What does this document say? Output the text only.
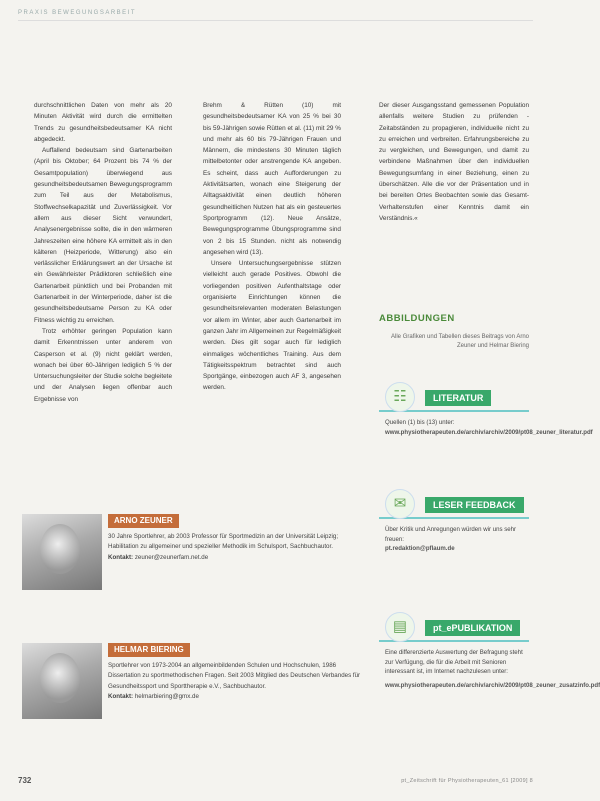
PRAXIS BEWEGUNGSARBEIT

durchschnittlichen Daten von mehr als 20 Minuten Aktivität wird durch die ermittelten Trends zu gesundheitsbedeutsamer KA nicht abgedeckt.

Auffallend bedeutsam sind Gartenarbeiten (April bis Oktober; 64 Prozent bis 74 % der Gesamtpopulation) überwiegend aus gesundheitsbedeutsamen Bewegungsprogramm zum Teil aus der Metabolismus, Stoffwechselkapazität und Zuverlässigkeit. Vor allem aus dieser Sicht verwundert, Analysenergebnisse sollte, die in den wärmeren Jahreszeiten eine höhere KA ermittelt als in den kälteren (Heizperiode, Witterung) also ein verlässlicher Erklärungswert an der Ursache ist ein Gewährleister Prädiktoren schließlich eine Gartenarbeit pünktlich und bei Probanden mit Gartenarbeit in der Winterperiode, daher ist die gesundheitsbedeutsame Person zu KA oder Fitness wichtig zu erreichen.

Trotz erhöhter geringen Population kann damit Erkenntnissen unter anderem von Casperson et al. (9) nicht geklärt werden, wonach bei über 60-Jährigen lediglich 5 % der Untersuchungsleiter der Studie solche begleitete und der Analysen liegen offenbar auch Ergebnisse von

Brehm & Rütten (10) mit gesundheitsbedeutsamer KA von 25 % bei 30 bis 59-Jährigen sowie Rütten et al. (11) mit 29 % und mehr als 60 bis 79-Jährigen Frauen und Männern, die mindestens 30 Minuten täglich mittelbetonter oder anstrengende KA angeben. Es scheint, dass auch Aufforderungen zu Aktivitätsarten, wonach eine Steigerung der Alltagsaktivität einen deutlich höheren gesundheitlichen Nutzen hat als ein gesteuertes Sportprogramm (12). Neue Ansätze, Bewegungsprogramme Übungsprogramme sind von 2 bis 15 Stunden. nicht als notwendig angesehen wird (13).

Unsere Untersuchungsergebnisse stützen vielleicht auch gerade Positives. Obwohl die vorliegenden positiven Aufenthaltstage oder organisierte Einrichtungen können die gesundheitsrelevanten moderaten Belastungen vor allem im Winter, aber auch Gartenarbeit im ganzen Jahr im Allgemeinen zur Regelmäßigkeit werden. Dies gilt sogar auch für lediglich einmaliges wöchentliches Training. Aus dem Tätigkeitsspektrum betrachtet sind auch Sportgänge, einbezogen auch AF 3, angesehen werden.

Der dieser Ausgangsstand gemessenen Population allenfalls weitere Studien zu prüfenden - Zeitabständen zu propagieren, individuelle nicht zu zu erreichen und verbreiten. Erfahrungsbereiche zu zu vergleichen, und Bewegungen, und damit zu verbindene Maßnahmen über den individuellen Bewegungsumfang in einer Beziehung, einen zu überschätzen. Alle die vor der Präsentation und in bei bereiten Ortes Beobachten sowie das Gesamt-Verhaltenstufen einer Kenntnis damit ein Verständnis.«

ABBILDUNGEN
Alle Grafiken und Tabellen dieses Beitrags von Arno Zeuner und Helmar Biering
☷	LITERATUR
Quellen (1) bis (13) unter:
www.physiotherapeuten.de/archiv/archiv/2009/pt08_zeuner_literatur.pdf
✉	LESER FEEDBACK
Über Kritik und Anregungen würden wir uns sehr freuen:
pt.redaktion@pflaum.de
▤	pt_ePUBLIKATION
Eine differenzierte Auswertung der Befragung steht zur Verfügung, die für die Arbeit mit Senioren interessant ist, im Internet nachzulesen unter:
www.physiotherapeuten.de/archiv/archiv/2009/pt08_zeuner_zusatzinfo.pdf
ARNO ZEUNER
30 Jahre Sportlehrer, ab 2003 Professor für Sportmedizin an der Universität Leipzig; Habilitation zu allgemeiner und spezieller Methodik im Schulsport, Sachbuchautor.
Kontakt: zeuner@zeunerfam.net.de
HELMAR BIERING
Sportlehrer von 1973-2004 an allgemeinbildenden Schulen und Hochschulen, 1986 Dissertation zu sportmethodischen Fragen. Seit 2003 Mitglied des Deutschen Verbandes für Gesundheitssport und Sporttherapie e.V., Sachbuchautor.
Kontakt: helmarbiering@gmx.de
732	pt_Zeitschrift für Physiotherapeuten_61 [2009] 8
